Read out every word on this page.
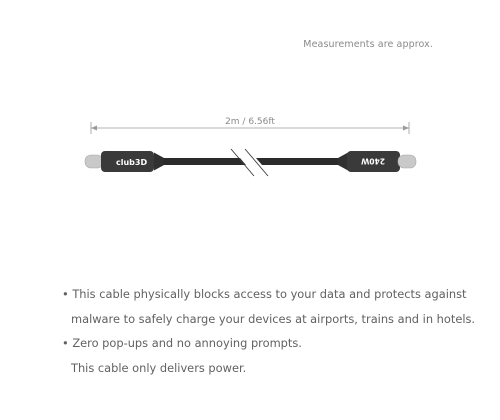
Measurements are approx.
2m / 6.56ft
club3D	240W
• This cable physically blocks access to your data and protects against
malware to safely charge your devices at airports, trains and in hotels.
• Zero pop-ups and no annoying prompts.
This cable only delivers power.
